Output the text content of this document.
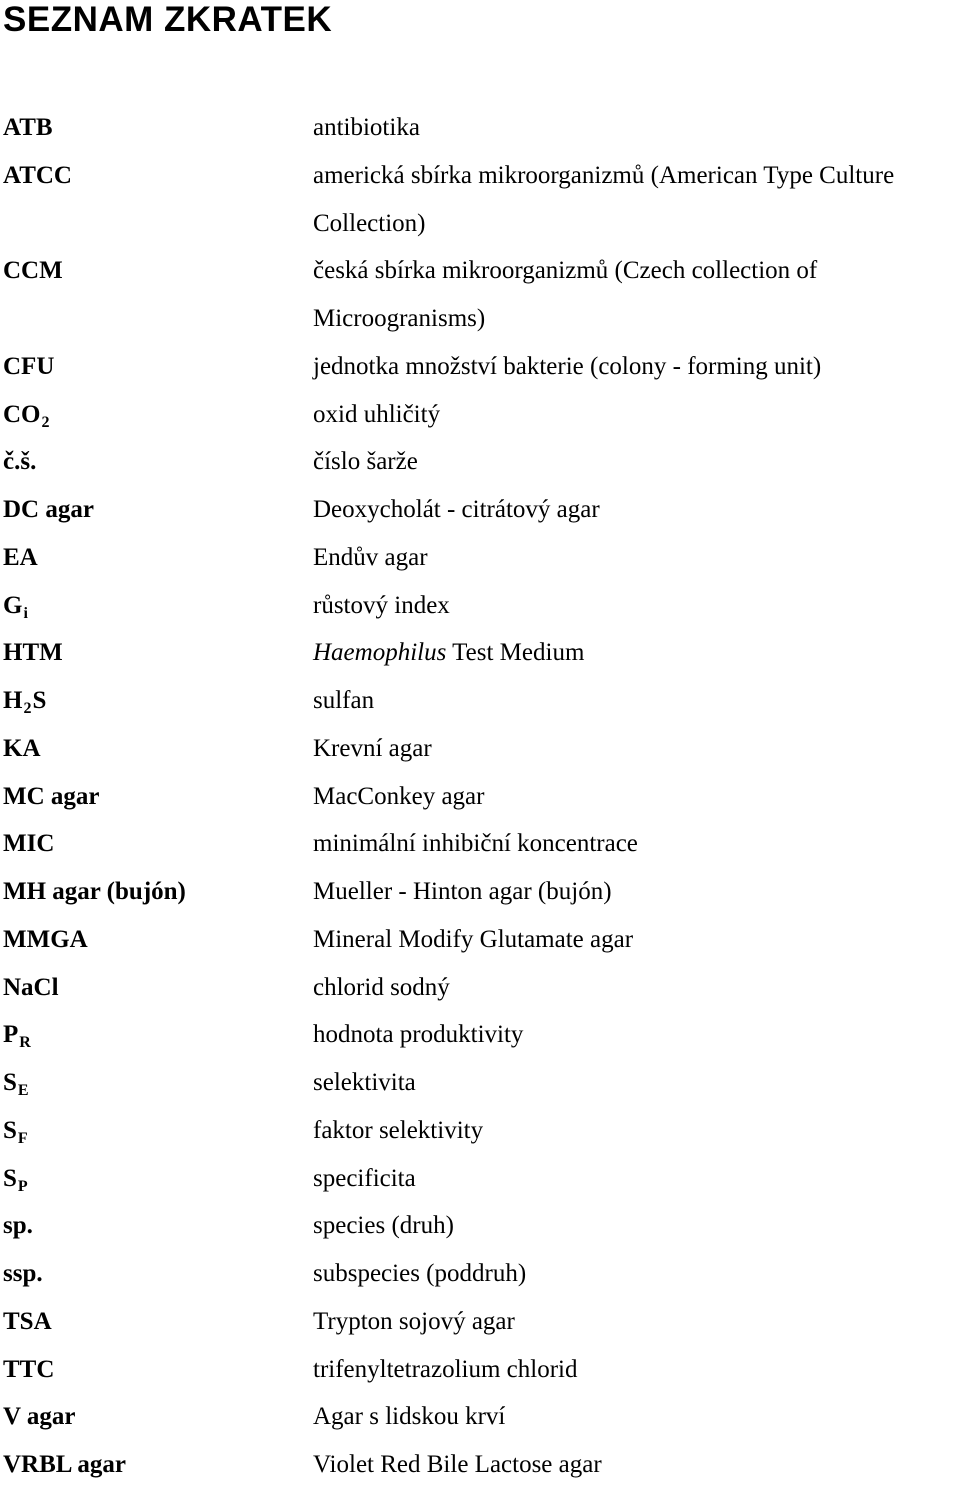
SEZNAM ZKRATEK
ATB	antibiotika
ATCC	americká sbírka mikroorganizmů (American Type Culture
Collection)
CCM	česká sbírka mikroorganizmů (Czech collection of
Microogranisms)
CFU	jednotka množství bakterie (colony - forming unit)
$CO_2$	oxid uhličitý
č.š.	číslo šarže
DC agar	Deoxycholát - citrátový agar
EA	Endův agar
$G_i$	růstový index
HTM	Haemophilus Test Medium
$H_2S$	sulfan
KA	Krevní agar
MC agar	MacConkey agar
MIC	minimální inhibiční koncentrace
MH agar (bujón)	Mueller - Hinton agar (bujón)
MMGA	Mineral Modify Glutamate agar
NaCl	chlorid sodný
$P_R$	hodnota produktivity
$S_E$	selektivita
$S_F$	faktor selektivity
$S_P$	specificita
sp.	species (druh)
ssp.	subspecies (poddruh)
TSA	Trypton sojový agar
TTC	trifenyltetrazolium chlorid
V agar	Agar s lidskou krví
VRBL agar	Violet Red Bile Lactose agar
